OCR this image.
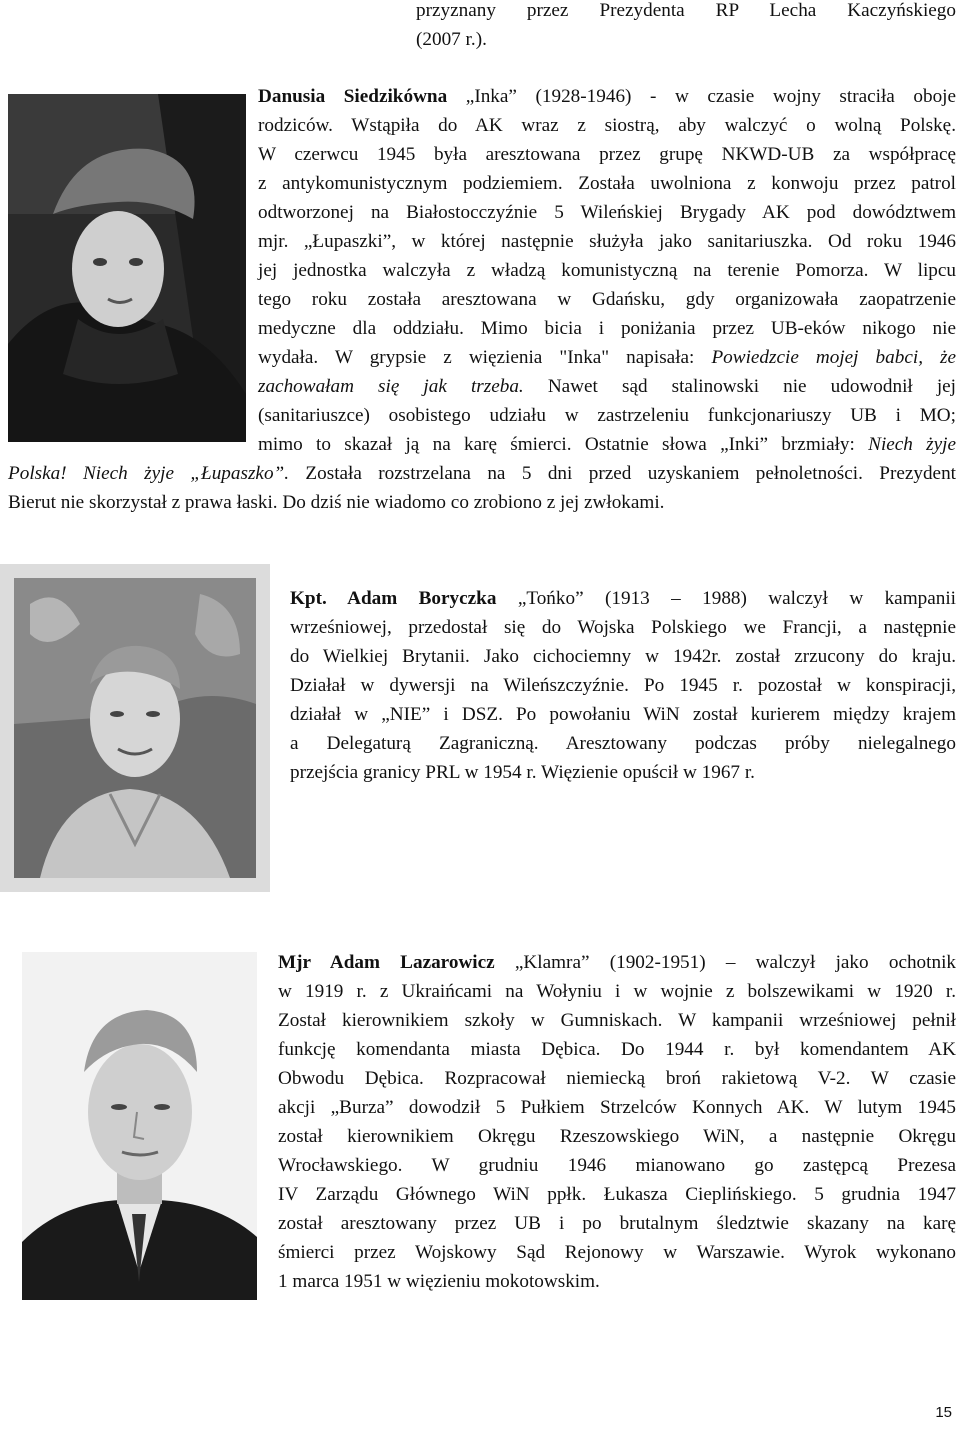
przyznany przez Prezydenta RP Lecha Kaczyńskiego
(2007 r.).
Danusia Siedzikówna „Inka” (1928-1946) - w czasie wojny straciła oboje
rodziców. Wstąpiła do AK wraz z siostrą, aby walczyć o wolną Polskę.
W czerwcu 1945 była aresztowana przez grupę NKWD-UB za współpracę
z antykomunistycznym podziemiem. Została uwolniona z konwoju przez patrol
odtworzonej na Białostocczyźnie 5 Wileńskiej Brygady AK pod dowództwem
mjr. „Łupaszki”, w której następnie służyła jako sanitariuszka. Od roku 1946
jej jednostka walczyła z władzą komunistyczną na terenie Pomorza. W lipcu
tego roku została aresztowana w Gdańsku, gdy organizowała zaopatrzenie
medyczne dla oddziału. Mimo bicia i poniżania przez UB-eków nikogo nie
wydała. W grypsie z więzienia "Inka" napisała: Powiedzcie mojej babci, że
zachowałam się jak trzeba. Nawet sąd stalinowski nie udowodnił jej
(sanitariuszce) osobistego udziału w zastrzeleniu funkcjonariuszy UB i MO;
mimo to skazał ją na karę śmierci. Ostatnie słowa „Inki” brzmiały: Niech żyje
Polska! Niech żyje „Łupaszko”. Została rozstrzelana na 5 dni przed uzyskaniem pełnoletności. Prezydent
Bierut nie skorzystał z prawa łaski. Do dziś nie wiadomo co zrobiono z jej zwłokami.
Kpt. Adam Boryczka „Tońko” (1913 – 1988) walczył w kampanii
wrześniowej, przedostał się do Wojska Polskiego we Francji, a następnie
do Wielkiej Brytanii. Jako cichociemny w 1942r. został zrzucony do kraju.
Działał w dywersji na Wileńszczyźnie. Po 1945 r. pozostał w konspiracji,
działał w „NIE” i DSZ. Po powołaniu WiN został kurierem między krajem
a Delegaturą Zagraniczną. Aresztowany podczas próby nielegalnego
przejścia granicy PRL w 1954 r. Więzienie opuścił w 1967 r.
Mjr Adam Lazarowicz „Klamra” (1902-1951) – walczył jako ochotnik
w 1919 r. z Ukraińcami na Wołyniu i w wojnie z bolszewikami w 1920 r.
Został kierownikiem szkoły w Gumniskach. W kampanii wrześniowej pełnił
funkcję komendanta miasta Dębica. Do 1944 r. był komendantem AK
Obwodu Dębica. Rozpracował niemiecką broń rakietową V-2. W czasie
akcji „Burza” dowodził 5 Pułkiem Strzelców Konnych AK. W lutym 1945
został kierownikiem Okręgu Rzeszowskiego WiN, a następnie Okręgu
Wrocławskiego. W grudniu 1946 mianowano go zastępcą Prezesa
IV Zarządu Głównego WiN ppłk. Łukasza Cieplińskiego. 5 grudnia 1947
został aresztowany przez UB i po brutalnym śledztwie skazany na karę
śmierci przez Wojskowy Sąd Rejonowy w Warszawie. Wyrok wykonano
1 marca 1951 w więzieniu mokotowskim.
15
